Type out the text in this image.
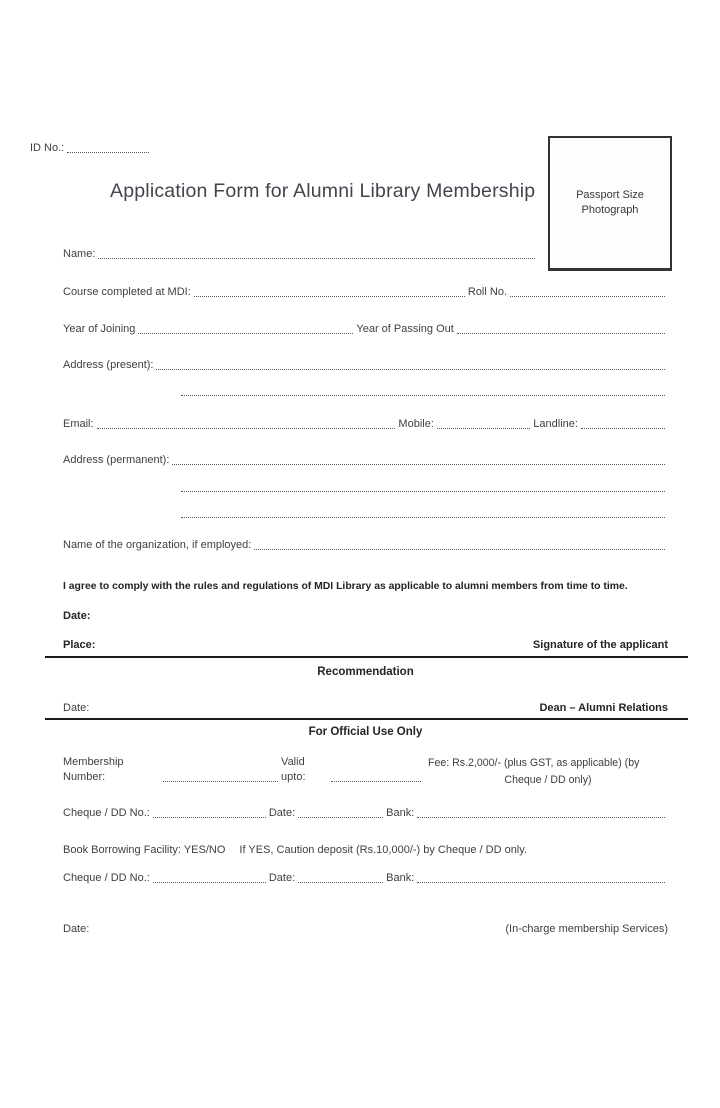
ID No.:
Application Form for Alumni Library Membership	Passport Size
Photograph
Name:
Course completed at MDI:	Roll No.
Year of Joining	Year of Passing Out
Address (present):
Email:	Mobile:	Landline:
Address (permanent):
Name of the organization, if employed:
I agree to comply with the rules and regulations of MDI Library as applicable to alumni members from time to time.
Date:
Place:	Signature of the applicant
Recommendation
Date:	Dean – Alumni Relations
For Official Use Only
Membership Number:
Valid upto:
Fee: Rs.2,000/- (plus GST, as applicable) (by
Cheque / DD only)
Cheque / DD No.:	Date:	Bank:
Book Borrowing Facility: YES/NO If YES, Caution deposit (Rs.10,000/-) by Cheque / DD only.
Cheque / DD No.:	Date:	Bank:
Date:	(In-charge membership Services)
